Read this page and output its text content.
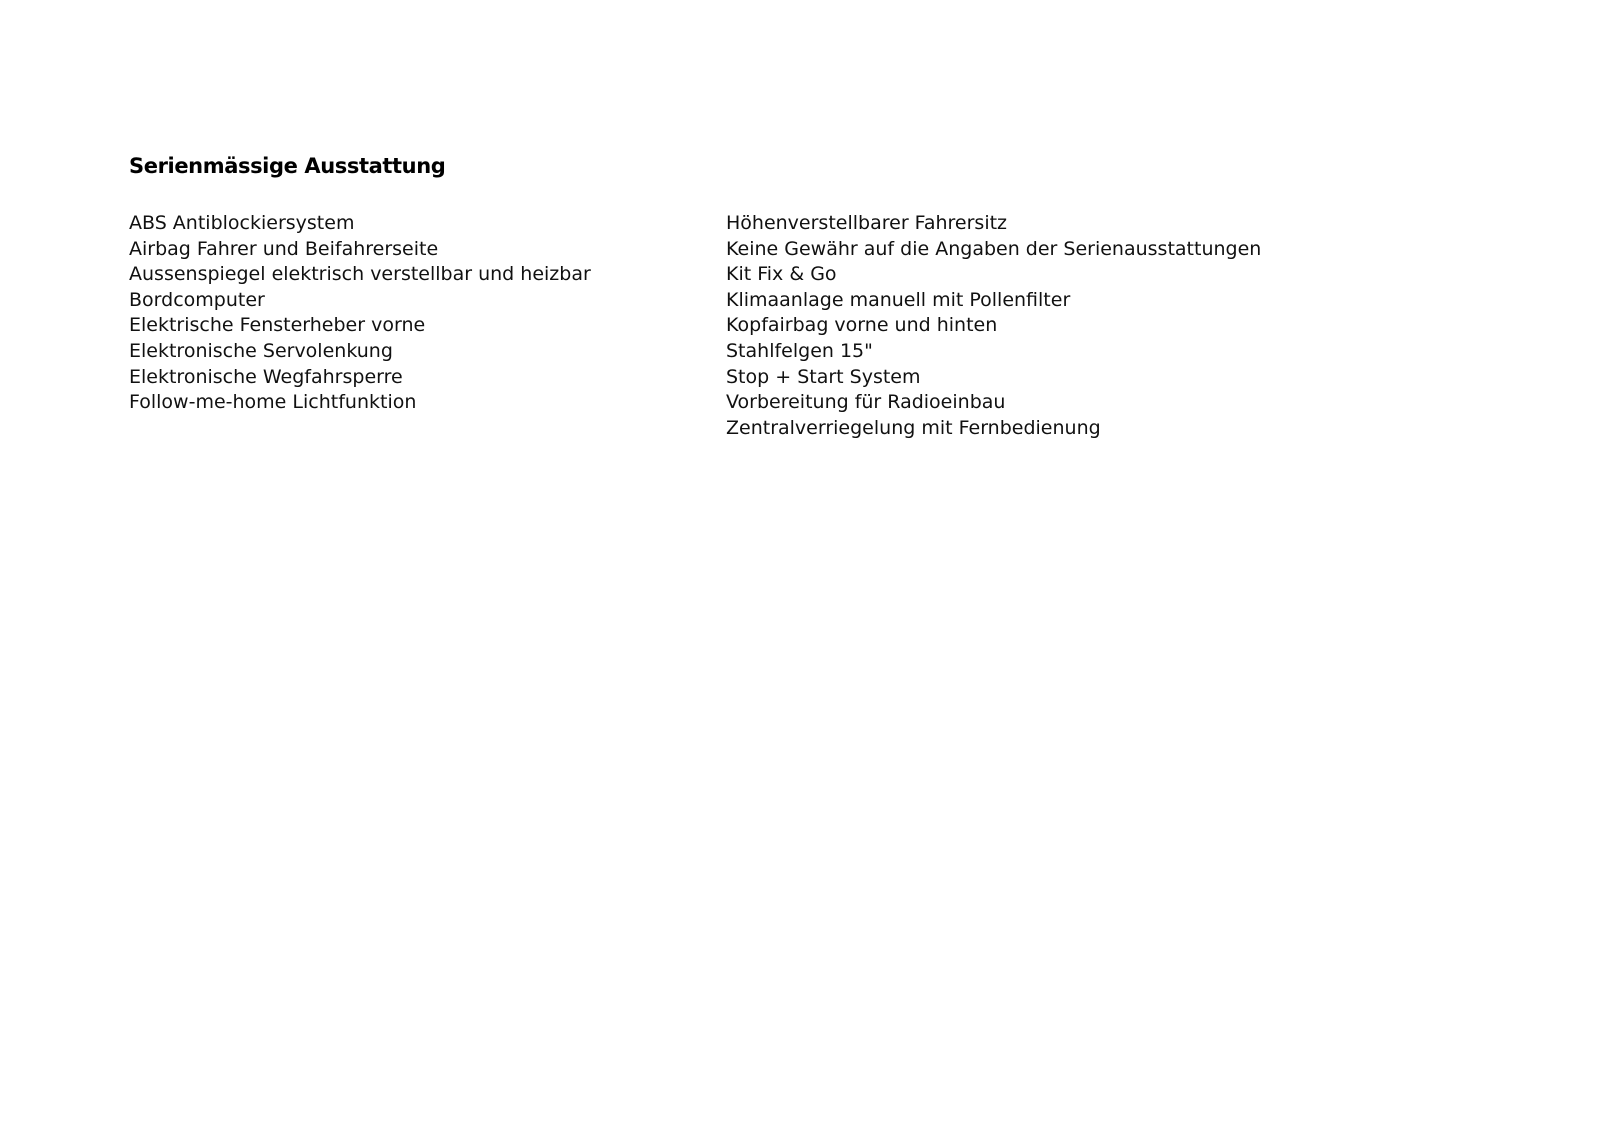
Serienmässige Ausstattung
ABS Antiblockiersystem
Airbag Fahrer und Beifahrerseite
Aussenspiegel elektrisch verstellbar und heizbar
Bordcomputer
Elektrische Fensterheber vorne
Elektronische Servolenkung
Elektronische Wegfahrsperre
Follow-me-home Lichtfunktion
Höhenverstellbarer Fahrersitz
Keine Gewähr auf die Angaben der Serienausstattungen
Kit Fix & Go
Klimaanlage manuell mit Pollenfilter
Kopfairbag vorne und hinten
Stahlfelgen 15"
Stop + Start System
Vorbereitung für Radioeinbau
Zentralverriegelung mit Fernbedienung
